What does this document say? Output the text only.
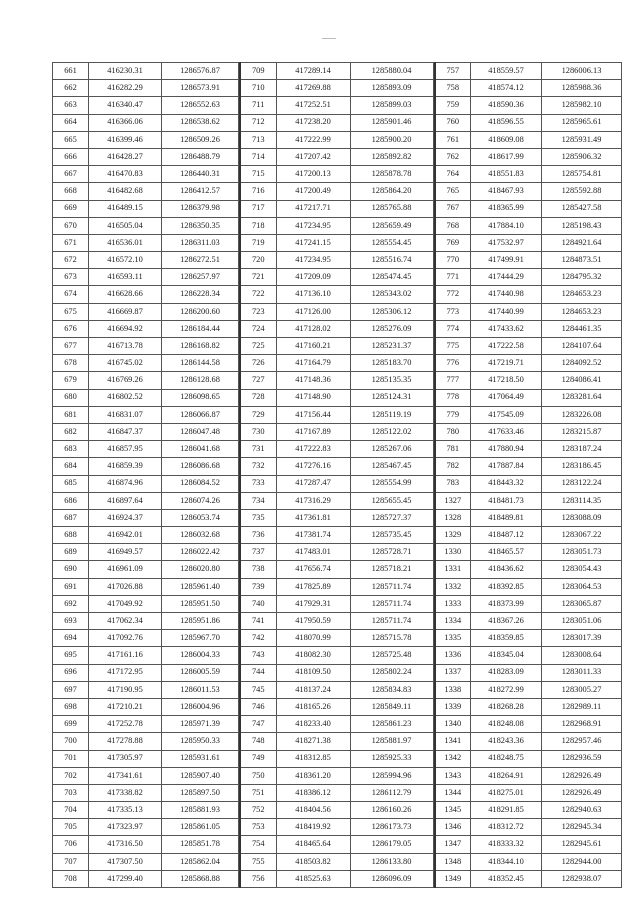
661	416230.31	1286576.87
662	416282.29	1286573.91
663	416340.47	1286552.63
664	416366.06	1286538.62
665	416399.46	1286509.26
666	416428.27	1286488.79
667	416470.83	1286440.31
668	416482.68	1286412.57
669	416489.15	1286379.98
670	416505.04	1286350.35
671	416536.01	1286311.03
672	416572.10	1286272.51
673	416593.11	1286257.97
674	416628.66	1286228.34
675	416669.87	1286200.60
676	416694.92	1286184.44
677	416713.78	1286168.82
678	416745.02	1286144.58
679	416769.26	1286128.68
680	416802.52	1286098.65
681	416831.07	1286066.87
682	416847.37	1286047.48
683	416857.95	1286041.68
684	416859.39	1286086.68
685	416874.96	1286084.52
686	416897.64	1286074.26
687	416924.37	1286053.74
688	416942.01	1286032.68
689	416949.57	1286022.42
690	416961.09	1286020.80
691	417026.88	1285961.40
692	417049.92	1285951.50
693	417062.34	1285951.86
694	417092.76	1285967.70
695	417161.16	1286004.33
696	417172.95	1286005.59
697	417190.95	1286011.53
698	417210.21	1286004.96
699	417252.78	1285971.39
700	417278.88	1285950.33
701	417305.97	1285931.61
702	417341.61	1285907.40
703	417338.82	1285897.50
704	417335.13	1285881.93
705	417323.97	1285861.05
706	417316.50	1285851.78
707	417307.50	1285862.04
708	417299.40	1285868.88
709	417289.14	1285880.04
710	417269.88	1285893.09
711	417252.51	1285899.03
712	417238.20	1285901.46
713	417222.99	1285900.20
714	417207.42	1285892.82
715	417200.13	1285878.78
716	417200.49	1285864.20
717	417217.71	1285765.88
718	417234.95	1285659.49
719	417241.15	1285554.45
720	417234.95	1285516.74
721	417209.09	1285474.45
722	417136.10	1285343.02
723	417126.00	1285306.12
724	417128.02	1285276.09
725	417160.21	1285231.37
726	417164.79	1285183.70
727	417148.36	1285135.35
728	417148.90	1285124.31
729	417156.44	1285119.19
730	417167.89	1285122.02
731	417222.83	1285267.06
732	417276.16	1285467.45
733	417287.47	1285554.99
734	417316.29	1285655.45
735	417361.81	1285727.37
736	417381.74	1285735.45
737	417483.01	1285728.71
738	417656.74	1285718.21
739	417825.89	1285711.74
740	417929.31	1285711.74
741	417950.59	1285711.74
742	418070.99	1285715.78
743	418082.30	1285725.48
744	418109.50	1285802.24
745	418137.24	1285834.83
746	418165.26	1285849.11
747	418233.40	1285861.23
748	418271.38	1285881.97
749	418312.85	1285925.33
750	418361.20	1285994.96
751	418386.12	1286112.79
752	418404.56	1286160.26
753	418419.92	1286173.73
754	418465.64	1286179.05
755	418503.82	1286133.80
756	418525.63	1286096.09
757	418559.57	1286006.13
758	418574.12	1285988.36
759	418590.36	1285982.10
760	418596.55	1285965.61
761	418609.08	1285931.49
762	418617.99	1285906.32
764	418551.83	1285754.81
765	418467.93	1285592.88
767	418365.99	1285427.58
768	417884.10	1285198.43
769	417532.97	1284921.64
770	417499.91	1284873.51
771	417444.29	1284795.32
772	417440.98	1284653.23
773	417440.99	1284653.23
774	417433.62	1284461.35
775	417222.58	1284107.64
776	417219.71	1284092.52
777	417218.50	1284086.41
778	417064.49	1283281.64
779	417545.09	1283226.08
780	417633.46	1283215.87
781	417880.94	1283187.24
782	417887.84	1283186.45
783	418443.32	1283122.24
1327	418481.73	1283114.35
1328	418489.81	1283088.09
1329	418487.12	1283067.22
1330	418465.57	1283051.73
1331	418436.62	1283054.43
1332	418392.85	1283064.53
1333	418373.99	1283065.87
1334	418367.26	1283051.06
1335	418359.85	1283017.39
1336	418345.04	1283008.64
1337	418283.09	1283011.33
1338	418272.99	1283005.27
1339	418268.28	1282989.11
1340	418248.08	1282968.91
1341	418243.36	1282957.46
1342	418248.75	1282936.59
1343	418264.91	1282926.49
1344	418275.01	1282926.49
1345	418291.85	1282940.63
1346	418312.72	1282945.34
1347	418333.32	1282945.61
1348	418344.10	1282944.00
1349	418352.45	1282938.07
